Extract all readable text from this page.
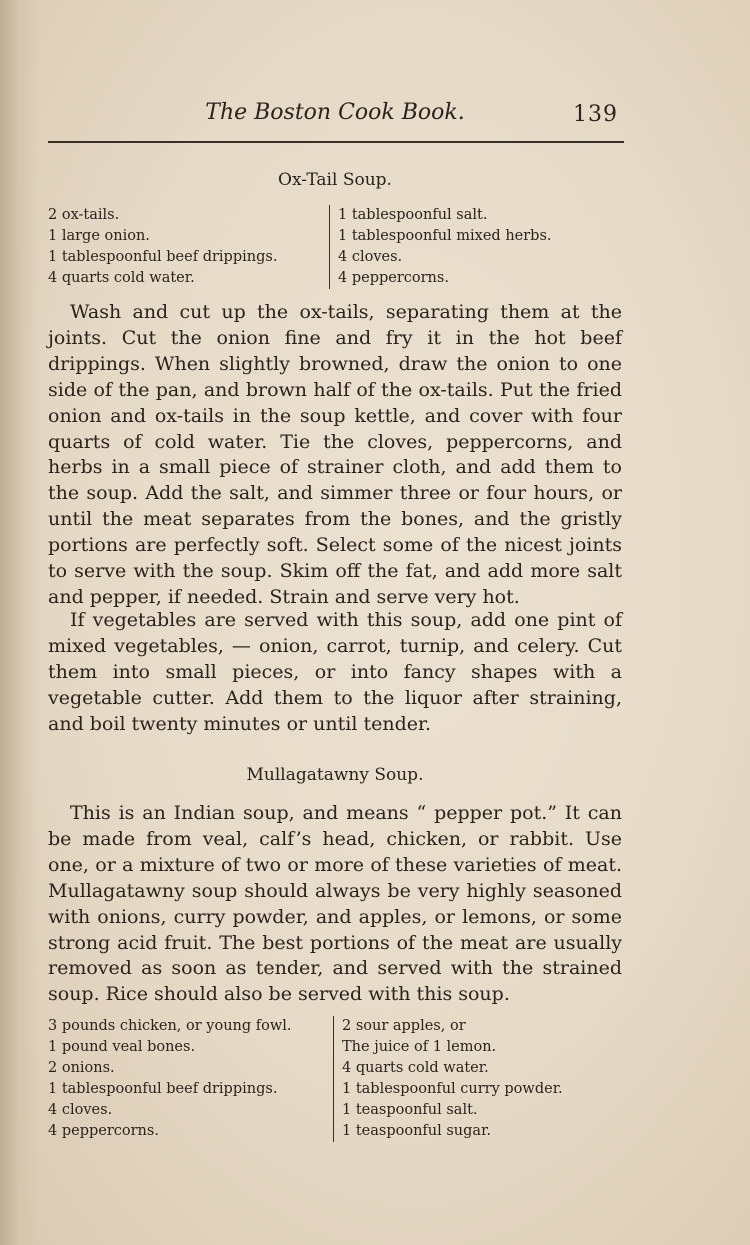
The Boston Cook Book.	139
Ox-Tail Soup.
2 ox-tails.
1 large onion.
1 tablespoonful beef drippings.
4 quarts cold water.
1 tablespoonful salt.
1 tablespoonful mixed herbs.
4 cloves.
4 peppercorns.
Wash and cut up the ox-tails, separating them at the joints. Cut the onion fine and fry it in the hot beef drippings. When slightly browned, draw the onion to one side of the pan, and brown half of the ox-tails. Put the fried onion and ox-tails in the soup kettle, and cover with four quarts of cold water. Tie the cloves, peppercorns, and herbs in a small piece of strainer cloth, and add them to the soup. Add the salt, and simmer three or four hours, or until the meat separates from the bones, and the gristly portions are perfectly soft. Select some of the nicest joints to serve with the soup. Skim off the fat, and add more salt and pepper, if needed. Strain and serve very hot.
If vegetables are served with this soup, add one pint of mixed vegetables, — onion, carrot, turnip, and celery. Cut them into small pieces, or into fancy shapes with a vegetable cutter. Add them to the liquor after straining, and boil twenty minutes or until tender.
Mullagatawny Soup.
This is an Indian soup, and means “ pepper pot.” It can be made from veal, calf’s head, chicken, or rabbit. Use one, or a mixture of two or more of these varieties of meat. Mullagatawny soup should always be very highly seasoned with onions, curry powder, and apples, or lemons, or some strong acid fruit. The best portions of the meat are usually removed as soon as tender, and served with the strained soup. Rice should also be served with this soup.
3 pounds chicken, or young fowl.
1 pound veal bones.
2 onions.
1 tablespoonful beef drippings.
4 cloves.
4 peppercorns.
2 sour apples, or
The juice of 1 lemon.
4 quarts cold water.
1 tablespoonful curry powder.
1 teaspoonful salt.
1 teaspoonful sugar.
